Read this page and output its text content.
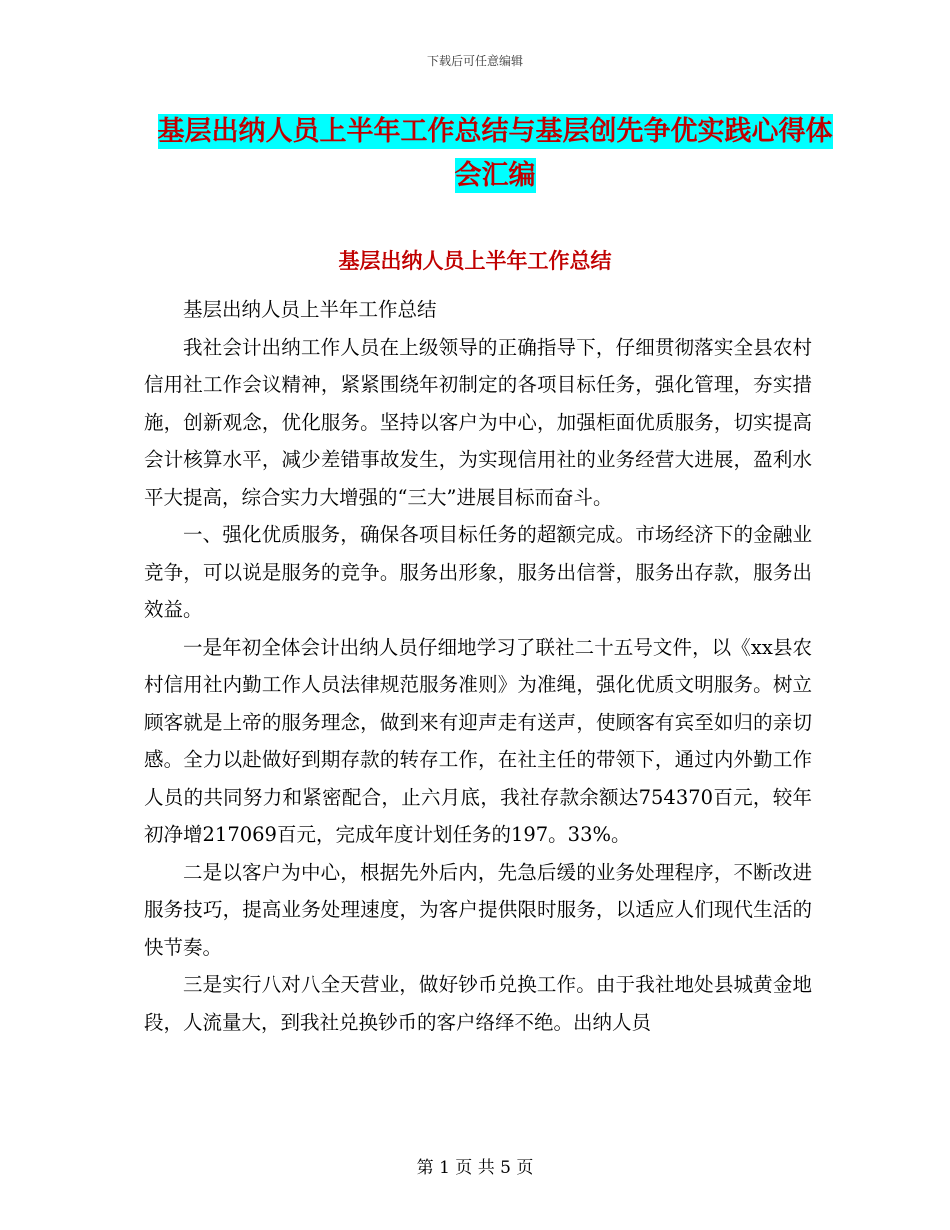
下载后可任意编辑
基层出纳人员上半年工作总结与基层创先争优实践心得体会汇编
基层出纳人员上半年工作总结

基层出纳人员上半年工作总结

我社会计出纳工作人员在上级领导的正确指导下，仔细贯彻落实全县农村信用社工作会议精神，紧紧围绕年初制定的各项目标任务，强化管理，夯实措施，创新观念，优化服务。坚持以客户为中心，加强柜面优质服务，切实提高会计核算水平，减少差错事故发生，为实现信用社的业务经营大进展，盈利水平大提高，综合实力大增强的“三大”进展目标而奋斗。

一、强化优质服务，确保各项目标任务的超额完成。市场经济下的金融业竞争，可以说是服务的竞争。服务出形象，服务出信誉，服务出存款，服务出效益。

一是年初全体会计出纳人员仔细地学习了联社二十五号文件，以《xx县农村信用社内勤工作人员法律规范服务准则》为准绳，强化优质文明服务。树立顾客就是上帝的服务理念，做到来有迎声走有送声，使顾客有宾至如归的亲切感。全力以赴做好到期存款的转存工作，在社主任的带领下，通过内外勤工作人员的共同努力和紧密配合，止六月底，我社存款余额达754370百元，较年初净增217069百元，完成年度计划任务的197。33%。

二是以客户为中心，根据先外后内，先急后缓的业务处理程序，不断改进服务技巧，提高业务处理速度，为客户提供限时服务，以适应人们现代生活的快节奏。

三是实行八对八全天营业，做好钞币兑换工作。由于我社地处县城黄金地段，人流量大，到我社兑换钞币的客户络绎不绝。出纳人员

第 1 页 共 5 页
